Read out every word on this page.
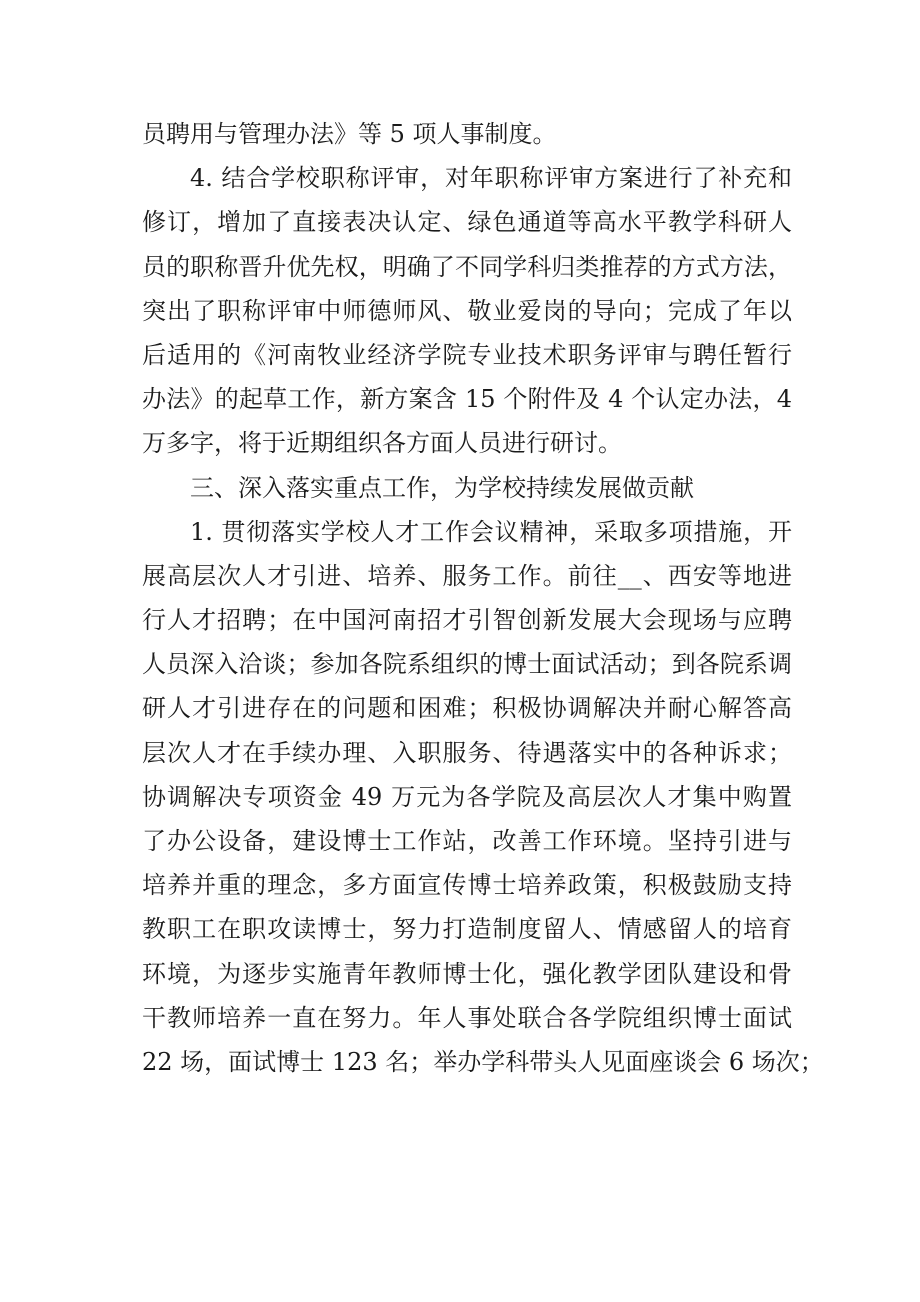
员聘用与管理办法》等 5 项人事制度。
4. 结合学校职称评审，对年职称评审方案进行了补充和
修订，增加了直接表决认定、绿色通道等高水平教学科研人
员的职称晋升优先权，明确了不同学科归类推荐的方式方法，
突出了职称评审中师德师风、敬业爱岗的导向；完成了年以
后适用的《河南牧业经济学院专业技术职务评审与聘任暂行
办法》的起草工作，新方案含 15 个附件及 4 个认定办法，4
万多字，将于近期组织各方面人员进行研讨。
三、深入落实重点工作，为学校持续发展做贡献
1. 贯彻落实学校人才工作会议精神，采取多项措施，开
展高层次人才引进、培养、服务工作。前往__、西安等地进
行人才招聘；在中国河南招才引智创新发展大会现场与应聘
人员深入洽谈；参加各院系组织的博士面试活动；到各院系调
研人才引进存在的问题和困难；积极协调解决并耐心解答高
层次人才在手续办理、入职服务、待遇落实中的各种诉求；
协调解决专项资金 49 万元为各学院及高层次人才集中购置
了办公设备，建设博士工作站，改善工作环境。坚持引进与
培养并重的理念，多方面宣传博士培养政策，积极鼓励支持
教职工在职攻读博士，努力打造制度留人、情感留人的培育
环境，为逐步实施青年教师博士化，强化教学团队建设和骨
干教师培养一直在努力。年人事处联合各学院组织博士面试
22 场，面试博士 123 名；举办学科带头人见面座谈会 6 场次；
